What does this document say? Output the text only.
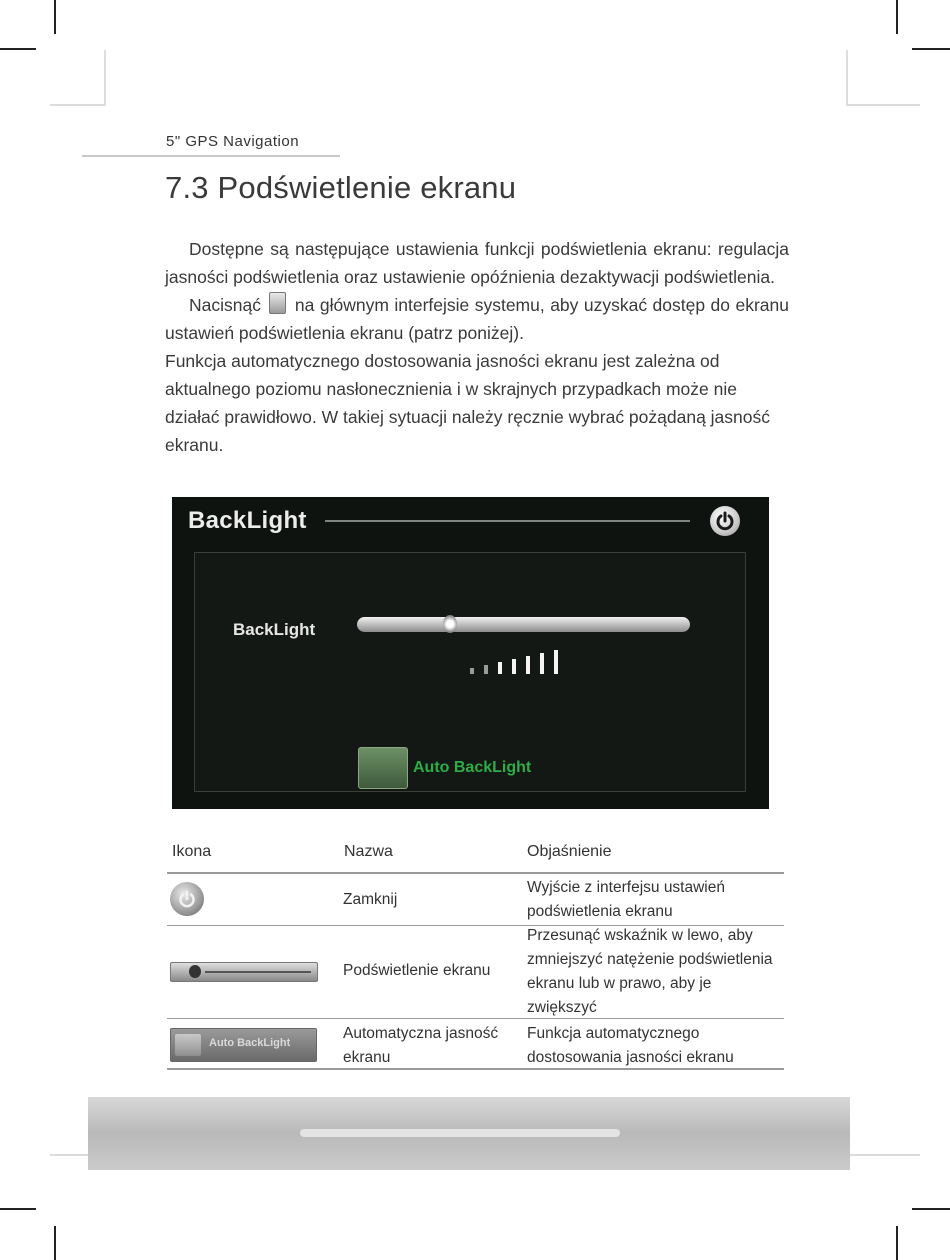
5" GPS Navigation
7.3 Podświetlenie ekranu

Dostępne są następujące ustawienia funkcji podświetlenia ekranu: regulacja jasności podświetlenia oraz ustawienie opóźnienia dezaktywacji podświetlenia.

Nacisnąć na głównym interfejsie systemu, aby uzyskać dostęp do ekranu ustawień podświetlenia ekranu (patrz poniżej).

Funkcja automatycznego dostosowania jasności ekranu jest zależna od aktualnego poziomu nasłonecznienia i w skrajnych przypadkach może nie działać prawidłowo. W takiej sytuacji należy ręcznie wybrać pożądaną jasność ekranu.

BackLight
BackLight
Auto BackLight
Ikona	Nazwa	Objaśnienie
Zamknij
Wyjście z interfejsu ustawień podświetlenia ekranu
Podświetlenie ekranu
Przesunąć wskaźnik w lewo, aby zmniejszyć natężenie podświetlenia ekranu lub w prawo, aby je zwiększyć
Auto BackLight
Automatyczna jasność ekranu
Funkcja automatycznego dostosowania jasności ekranu
